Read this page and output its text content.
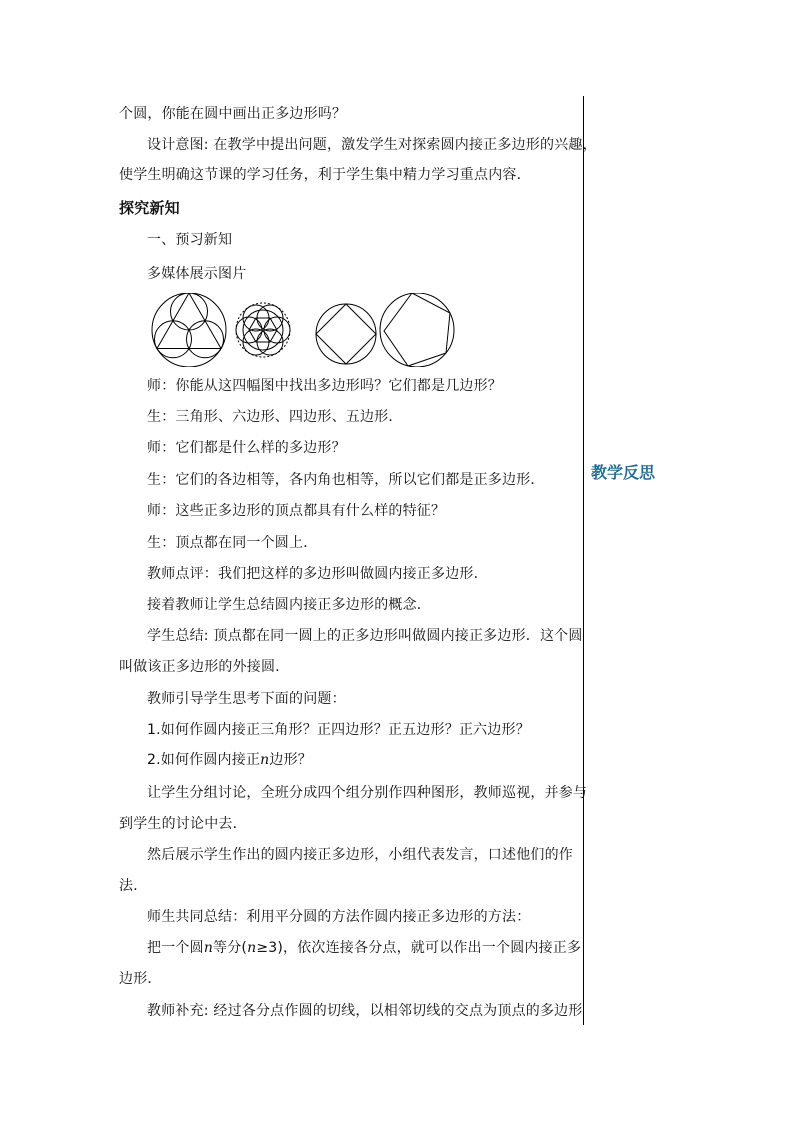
个圆，你能在圆中画出正多边形吗？
设计意图: 在教学中提出问题，激发学生对探索圆内接正多边形的兴趣，
使学生明确这节课的学习任务，利于学生集中精力学习重点内容．
探究新知
一、预习新知
多媒体展示图片
师：你能从这四幅图中找出多边形吗？它们都是几边形？
生：三角形、六边形、四边形、五边形．
师：它们都是什么样的多边形？
生：它们的各边相等，各内角也相等，所以它们都是正多边形．
师：这些正多边形的顶点都具有什么样的特征？
生：顶点都在同一个圆上．
教师点评：我们把这样的多边形叫做圆内接正多边形．
接着教师让学生总结圆内接正多边形的概念．
学生总结: 顶点都在同一圆上的正多边形叫做圆内接正多边形．这个圆
叫做该正多边形的外接圆．
教师引导学生思考下面的问题：
1.如何作圆内接正三角形？正四边形？正五边形？正六边形？
2.如何作圆内接正n边形？
让学生分组讨论，全班分成四个组分别作四种图形，教师巡视，并参与
到学生的讨论中去．
然后展示学生作出的圆内接正多边形，小组代表发言，口述他们的作
法．
师生共同总结：利用平分圆的方法作圆内接正多边形的方法：
把一个圆n等分(n≥3)，依次连接各分点，就可以作出一个圆内接正多
边形．
教师补充: 经过各分点作圆的切线，以相邻切线的交点为顶点的多边形
教学反思
